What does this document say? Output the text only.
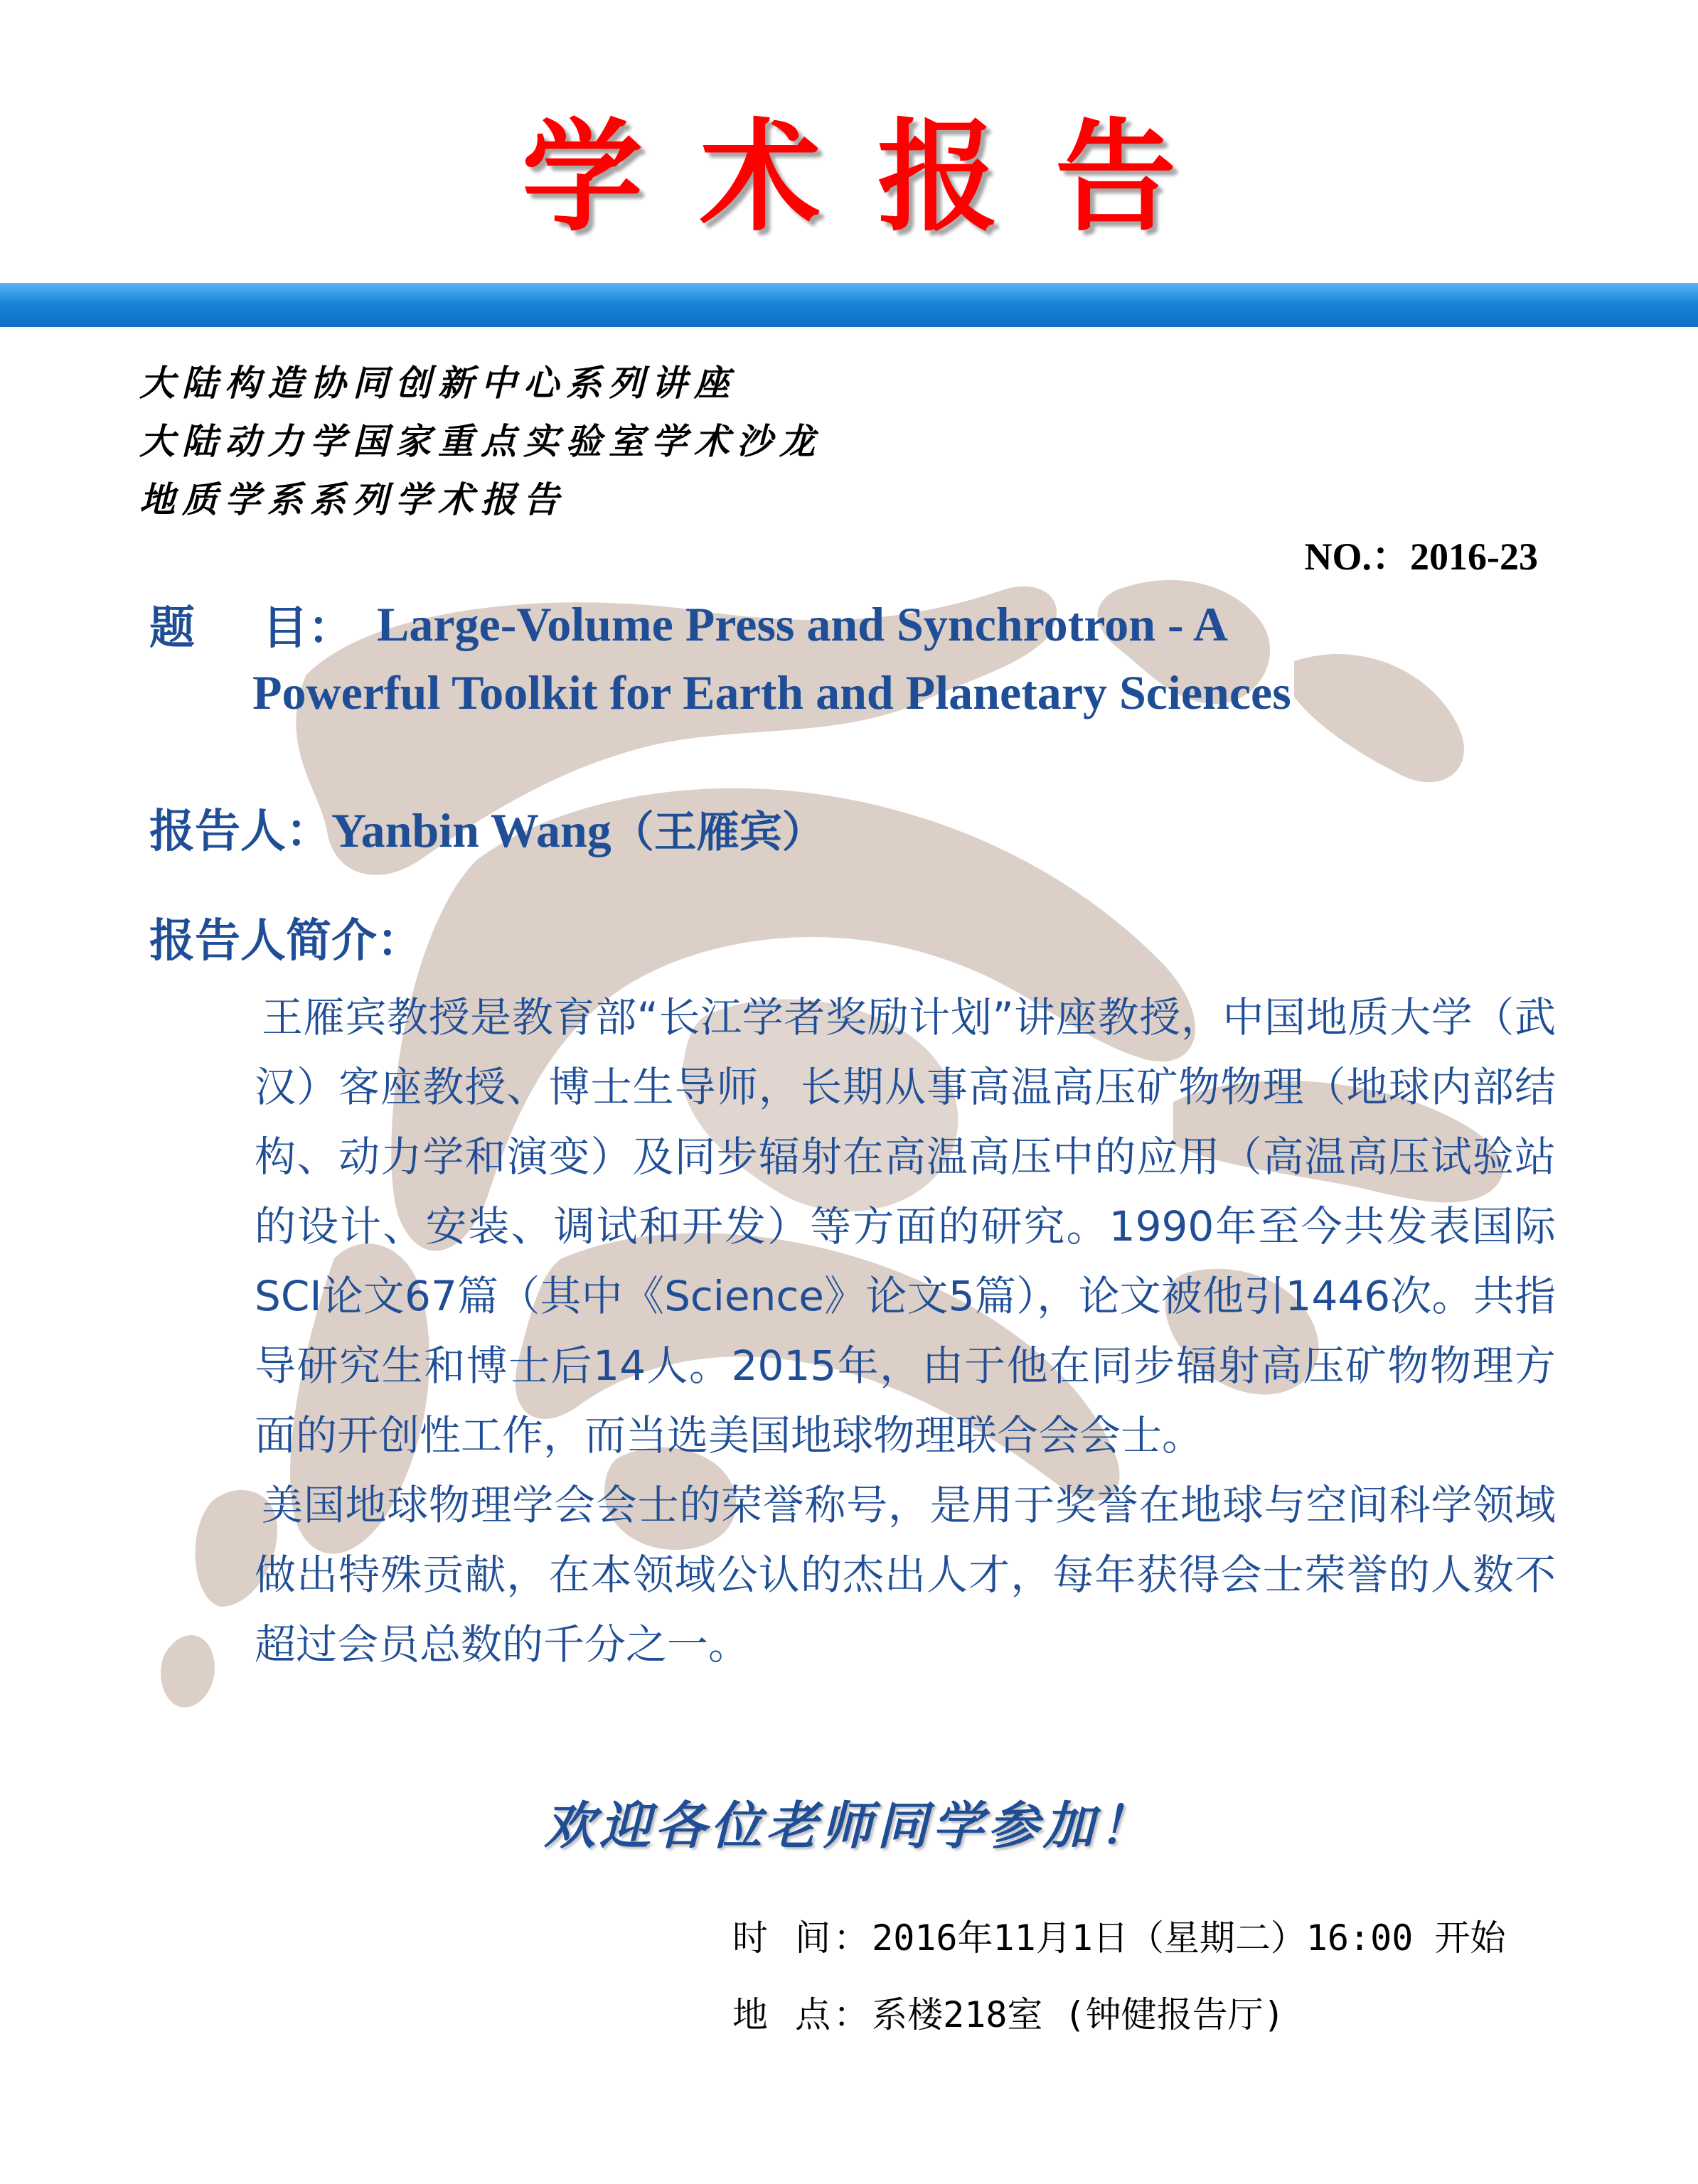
学术报告
大陆构造协同创新中心系列讲座
大陆动力学国家重点实验室学术沙龙
地质学系系列学术报告
NO.：2016-23
题 目： Large-Volume Press and Synchrotron - A
Powerful Toolkit for Earth and Planetary Sciences
报告人：Yanbin Wang（王雁宾）
报告人简介：

王雁宾教授是教育部“长江学者奖励计划”讲座教授，中国地质大学（武汉）客座教授、博士生导师，长期从事高温高压矿物物理（地球内部结构、动力学和演变）及同步辐射在高温高压中的应用（高温高压试验站的设计、安装、调试和开发）等方面的研究。1990年至今共发表国际SCI论文67篇（其中《Science》论文5篇），论文被他引1446次。共指导研究生和博士后14人。2015年，由于他在同步辐射高压矿物物理方面的开创性工作，而当选美国地球物理联合会会士。

美国地球物理学会会士的荣誉称号，是用于奖誉在地球与空间科学领域做出特殊贡献，在本领域公认的杰出人才，每年获得会士荣誉的人数不超过会员总数的千分之一。

欢迎各位老师同学参加！
时 间：2016年11月1日（星期二）16:00 开始
地 点：系楼218室 (钟健报告厅)
